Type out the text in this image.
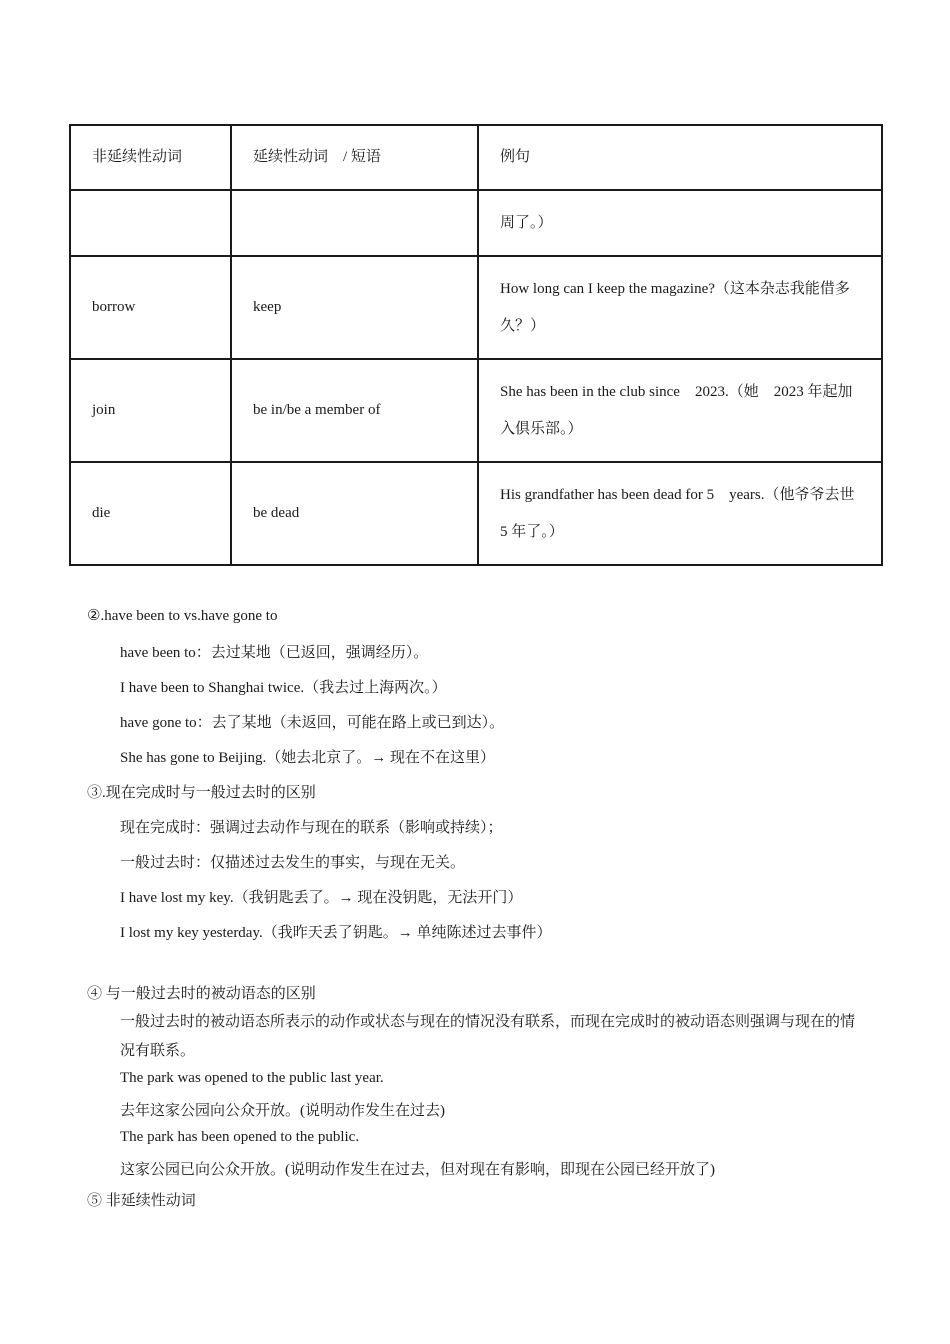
非延续性动词	延续性动词　/ 短语	例句
		周了。）
borrow	keep	How long can I keep the magazine?（这本杂志我能借多久？）
join	be in/be a member of	She has been in the club since　2023.（她　2023 年起加入俱乐部。）
die	be dead	His grandfather has been dead for 5　years.（他爷爷去世　5 年了。）
②.have been to vs.have gone to
have been to：去过某地（已返回，强调经历）。
I have been to Shanghai twice.（我去过上海两次。）
have gone to：去了某地（未返回，可能在路上或已到达）。
She has gone to Beijing.（她去北京了。→ 现在不在这里）
③.现在完成时与一般过去时的区别
现在完成时：强调过去动作与现在的联系（影响或持续）；
一般过去时：仅描述过去发生的事实，与现在无关。
I have lost my key.（我钥匙丢了。→ 现在没钥匙，无法开门）
I lost my key yesterday.（我昨天丢了钥匙。→ 单纯陈述过去事件）
④ 与一般过去时的被动语态的区别
一般过去时的被动语态所表示的动作或状态与现在的情况没有联系，而现在完成时的被动语态则强调与现在的情况有联系。
The park was opened to the public last year.
去年这家公园向公众开放。(说明动作发生在过去)
The park has been opened to the public.
这家公园已向公众开放。(说明动作发生在过去，但对现在有影响，即现在公园已经开放了)
⑤ 非延续性动词
